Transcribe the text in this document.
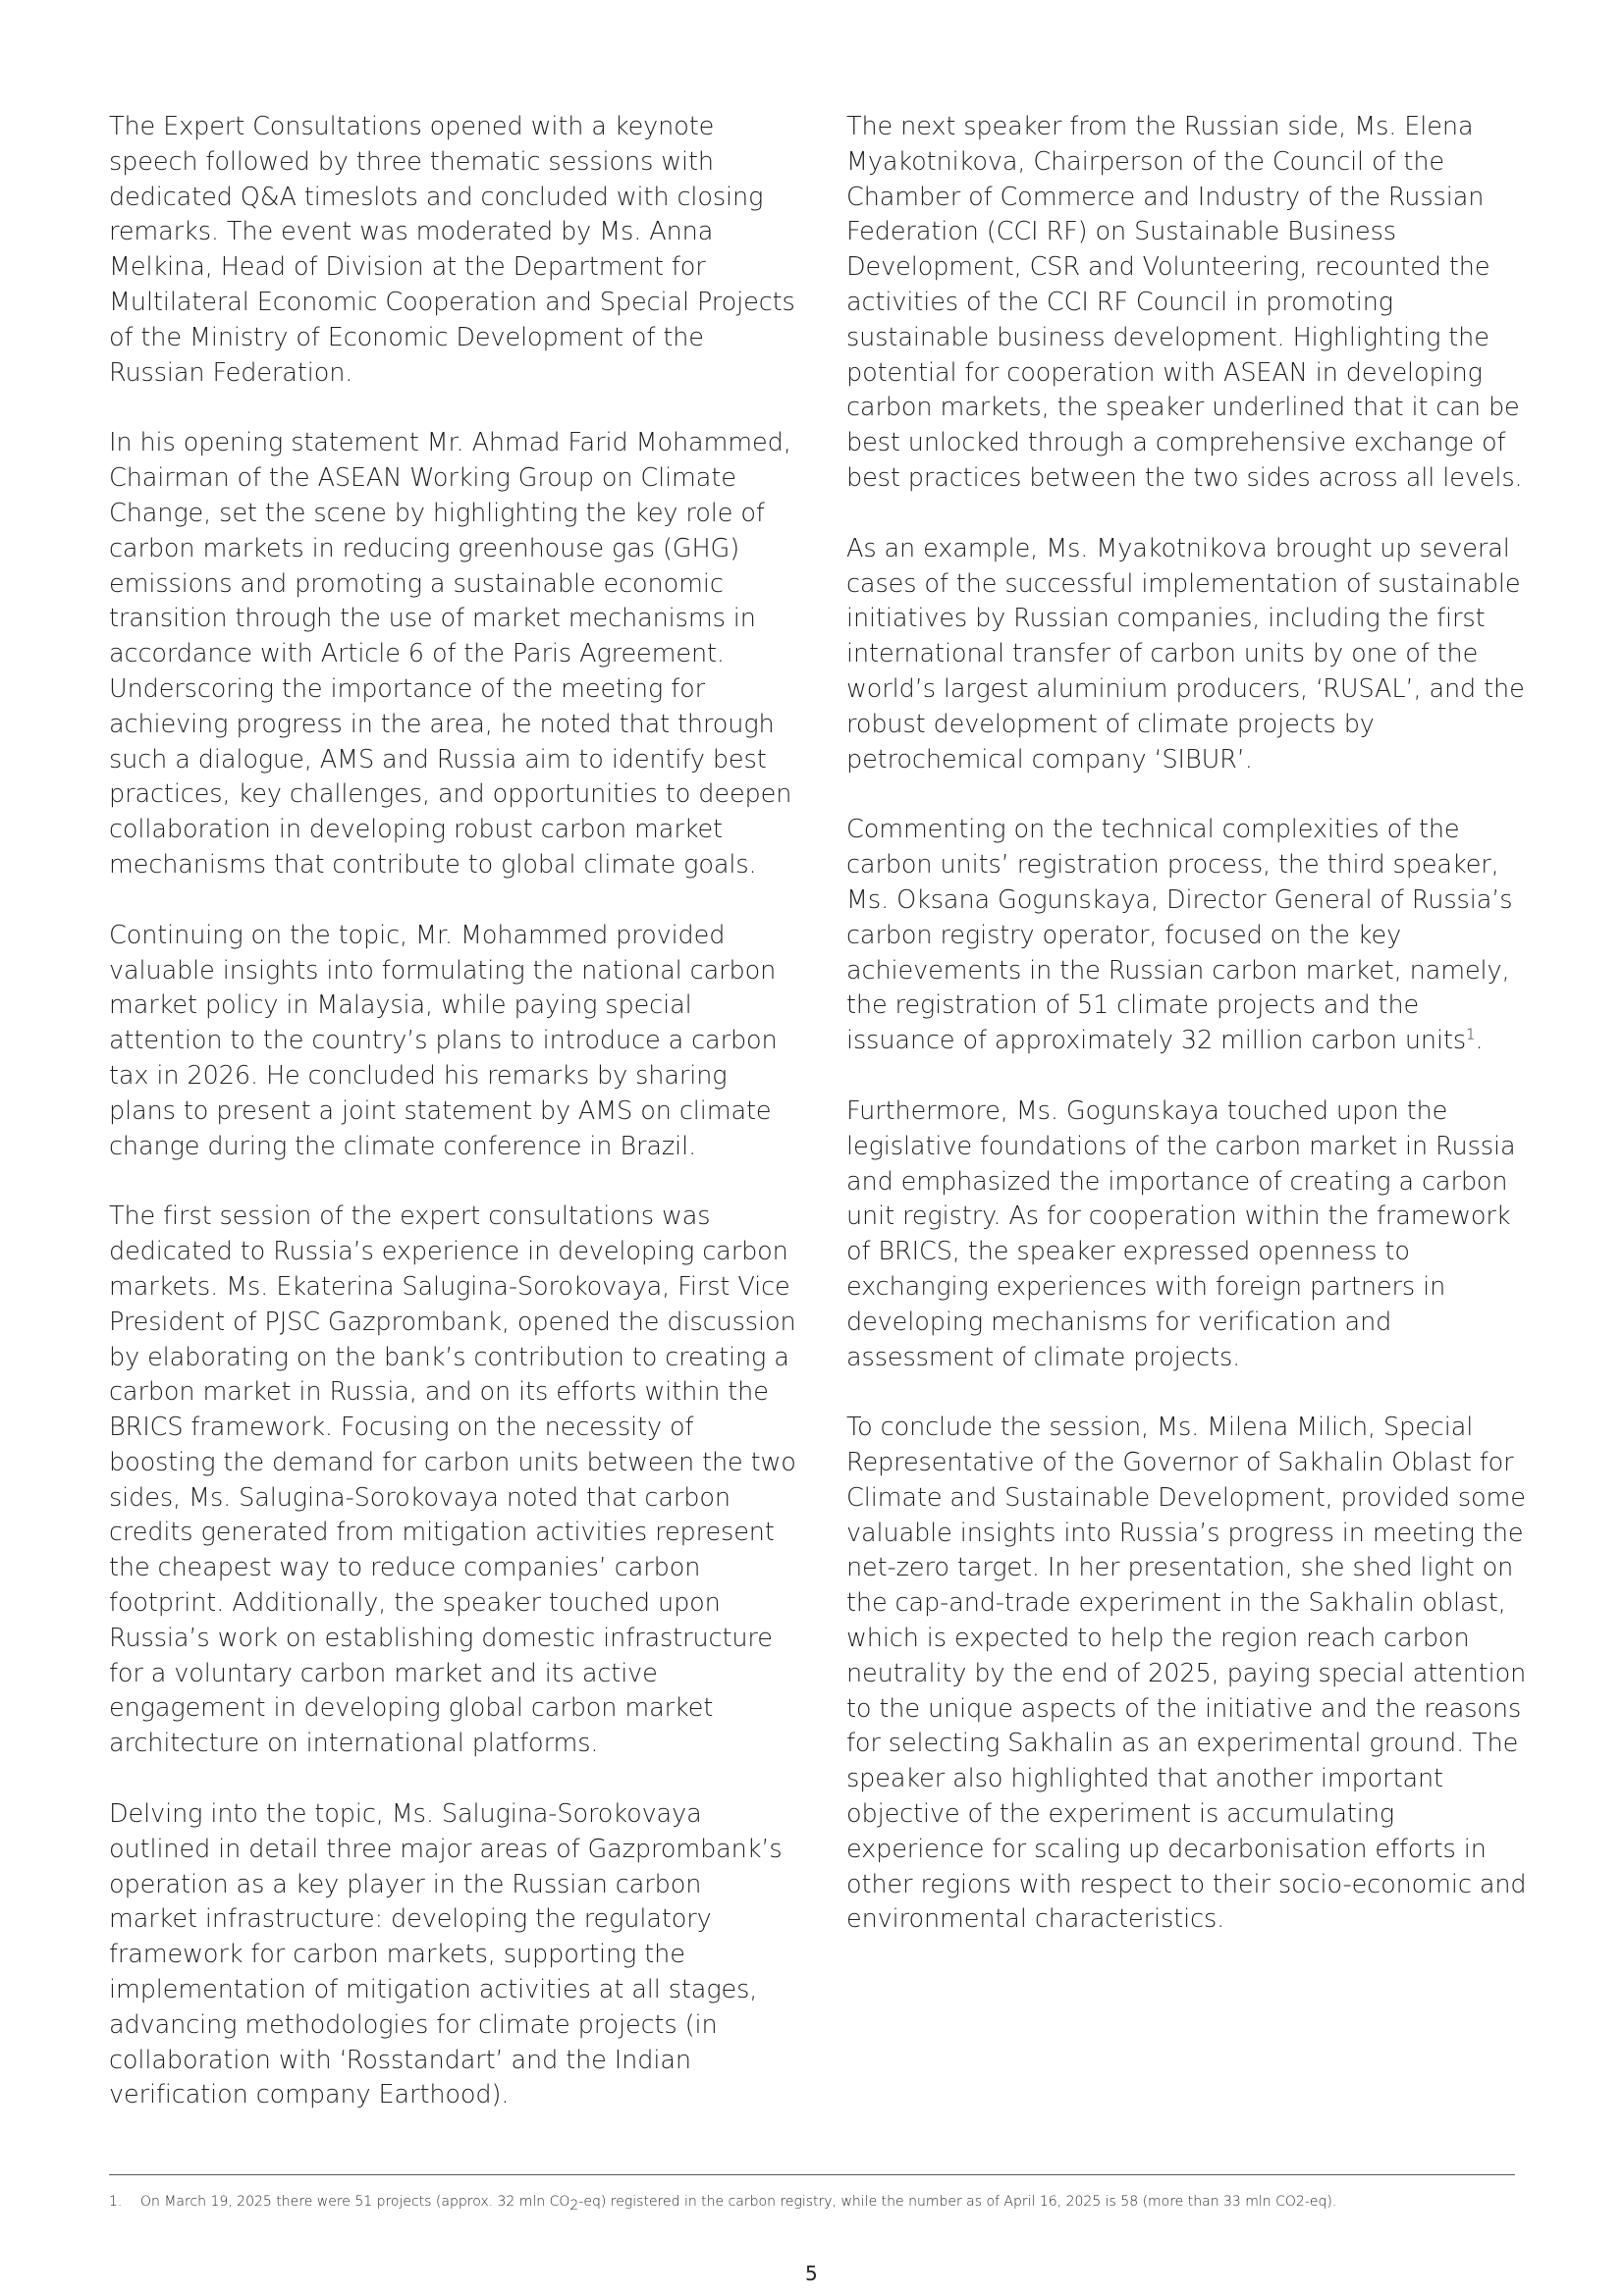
The Expert Consultations opened with a keynote speech followed by three thematic sessions with dedicated Q&A timeslots and concluded with closing remarks. The event was moderated by Ms. Anna Melkina, Head of Division at the Department for Multilateral Economic Cooperation and Special Projects of the Ministry of Economic Development of the Russian Federation.

In his opening statement Mr. Ahmad Farid Mohammed, Chairman of the ASEAN Working Group on Climate Change, set the scene by highlighting the key role of carbon markets in reducing greenhouse gas (GHG) emissions and promoting a sustainable economic transition through the use of market mechanisms in accordance with Article 6 of the Paris Agreement. Underscoring the importance of the meeting for achieving progress in the area, he noted that through such a dialogue, AMS and Russia aim to identify best practices, key challenges, and opportunities to deepen collaboration in developing robust carbon market mechanisms that contribute to global climate goals.

Continuing on the topic, Mr. Mohammed provided valuable insights into formulating the national carbon market policy in Malaysia, while paying special attention to the country’s plans to introduce a carbon tax in 2026. He concluded his remarks by sharing plans to present a joint statement by AMS on climate change during the climate conference in Brazil.

The first session of the expert consultations was dedicated to Russia’s experience in developing carbon markets. Ms. Ekaterina Salugina-Sorokovaya, First Vice President of PJSC Gazprombank, opened the discussion by elaborating on the bank’s contribution to creating a carbon market in Russia, and on its efforts within the BRICS framework. Focusing on the necessity of boosting the demand for carbon units between the two sides, Ms. Salugina-Sorokovaya noted that carbon credits generated from mitigation activities represent the cheapest way to reduce companies’ carbon footprint. Additionally, the speaker touched upon Russia’s work on establishing domestic infrastructure for a voluntary carbon market and its active engagement in developing global carbon market architecture on international platforms.

Delving into the topic, Ms. Salugina-Sorokovaya outlined in detail three major areas of Gazprombank’s operation as a key player in the Russian carbon market infrastructure: developing the regulatory framework for carbon markets, supporting the implementation of mitigation activities at all stages, advancing methodologies for climate projects (in collaboration with ‘Rosstandart’ and the Indian verification company Earthood).

The next speaker from the Russian side, Ms. Elena Myakotnikova, Chairperson of the Council of the Chamber of Commerce and Industry of the Russian Federation (CCI RF) on Sustainable Business Development, CSR and Volunteering, recounted the activities of the CCI RF Council in promoting sustainable business development. Highlighting the potential for cooperation with ASEAN in developing carbon markets, the speaker underlined that it can be best unlocked through a comprehensive exchange of best practices between the two sides across all levels.

As an example, Ms. Myakotnikova brought up several cases of the successful implementation of sustainable initiatives by Russian companies, including the first international transfer of carbon units by one of the world’s largest aluminium producers, ‘RUSAL’, and the robust development of climate projects by petrochemical company ‘SIBUR’.

Commenting on the technical complexities of the carbon units’ registration process, the third speaker, Ms. Oksana Gogunskaya, Director General of Russia’s carbon registry operator, focused on the key achievements in the Russian carbon market, namely, the registration of 51 climate projects and the issuance of approximately 32 million carbon units$^1$.

Furthermore, Ms. Gogunskaya touched upon the legislative foundations of the carbon market in Russia and emphasized the importance of creating a carbon unit registry. As for cooperation within the framework of BRICS, the speaker expressed openness to exchanging experiences with foreign partners in developing mechanisms for verification and assessment of climate projects.

To conclude the session, Ms. Milena Milich, Special Representative of the Governor of Sakhalin Oblast for Climate and Sustainable Development, provided some valuable insights into Russia’s progress in meeting the net-zero target. In her presentation, she shed light on the cap-and-trade experiment in the Sakhalin oblast, which is expected to help the region reach carbon neutrality by the end of 2025, paying special attention to the unique aspects of the initiative and the reasons for selecting Sakhalin as an experimental ground. The speaker also highlighted that another important objective of the experiment is accumulating experience for scaling up decarbonisation efforts in other regions with respect to their socio-economic and environmental characteristics.

1. On March 19, 2025 there were 51 projects (approx. 32 mln $CO_2-eq$) registered in the carbon registry, while the number as of April 16, 2025 is 58 (more than 33 mln CO2-eq).
5
